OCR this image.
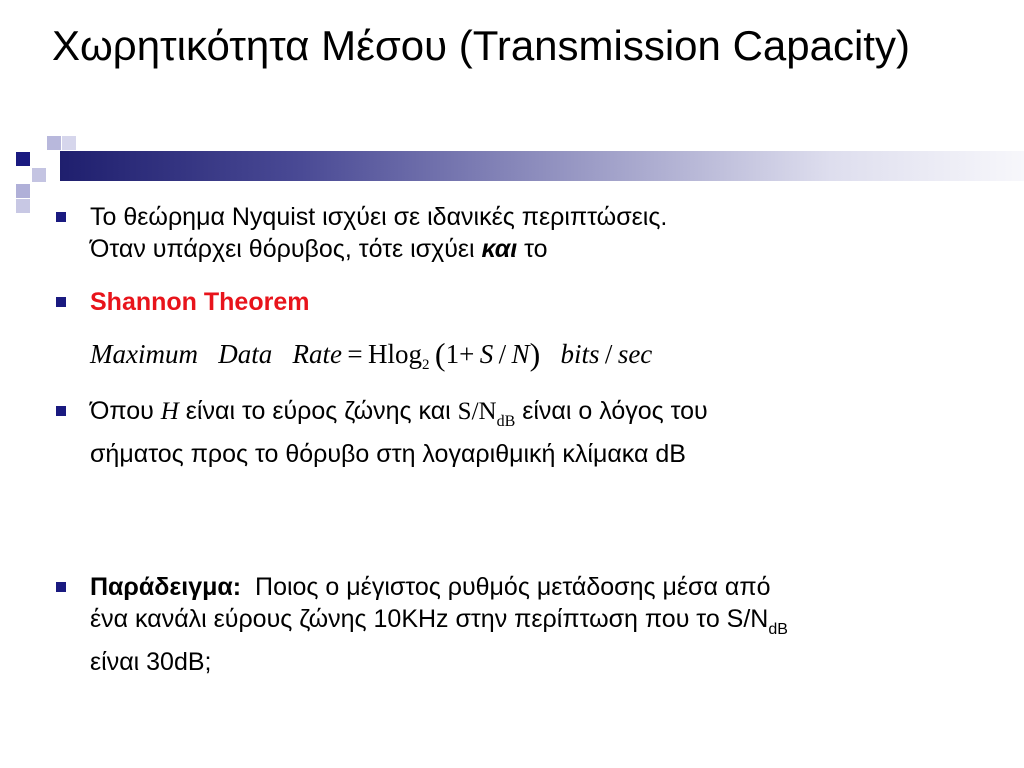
Χωρητικότητα Μέσου (Transmission Capacity)
Το θεώρημα Nyquist ισχύει σε ιδανικές περιπτώσεις.
Όταν υπάρχει θόρυβος, τότε ισχύει και το
Shannon Theorem
Maximum Data Rate  =  Hlog$_2$  (1+  S  /  N) bits  /  sec
Όπου H είναι το εύρος ζώνης και $S/N_{dB}$ είναι ο λόγος του
σήματος προς το θόρυβο στη λογαριθμική κλίμακα dB
Παράδειγμα:  Ποιος ο μέγιστος ρυθμός μετάδοσης μέσα από
ένα κανάλι εύρους ζώνης 10KHz στην περίπτωση που το $S/N_{dB}$
είναι 30dB;
